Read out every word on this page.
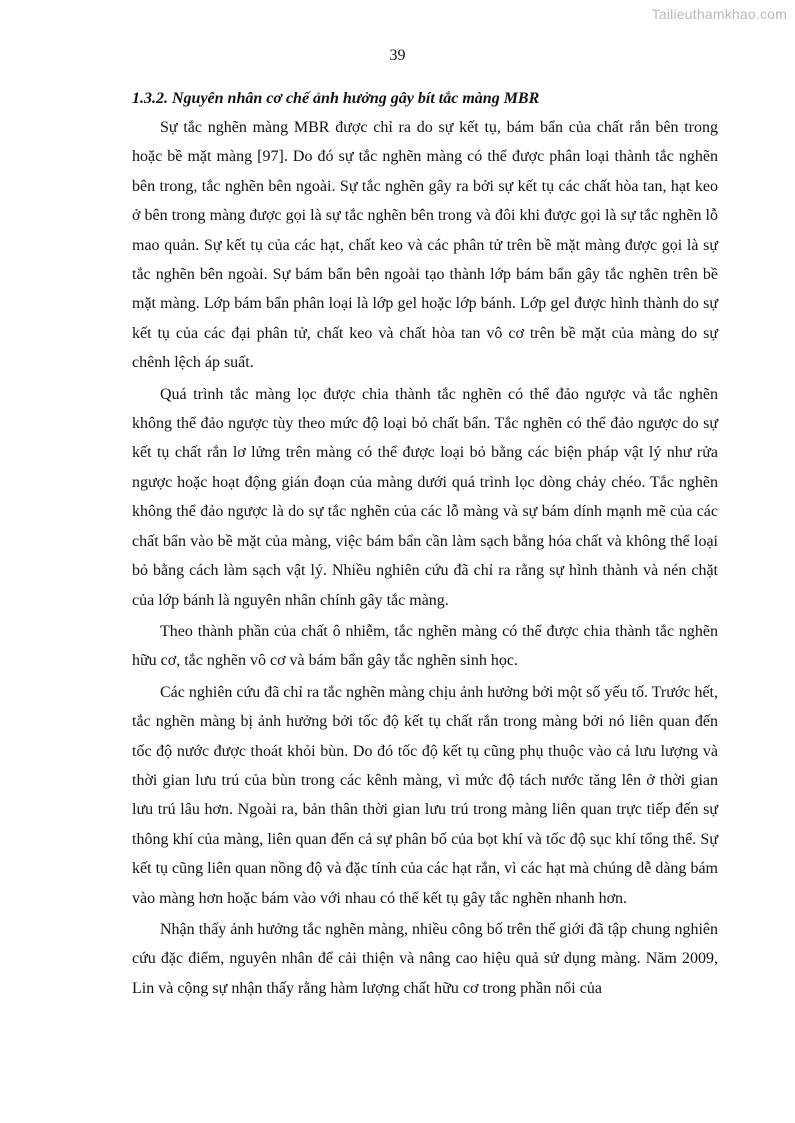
Tailieuthamkhao.com
39
1.3.2. Nguyên nhân cơ chế ảnh hưởng gây bít tắc màng MBR

Sự tắc nghẽn màng MBR được chỉ ra do sự kết tụ, bám bẩn của chất rắn bên trong hoặc bề mặt màng [97]. Do đó sự tắc nghẽn màng có thể được phân loại thành tắc nghẽn bên trong, tắc nghẽn bên ngoài. Sự tắc nghẽn gây ra bởi sự kết tụ các chất hòa tan, hạt keo ở bên trong màng được gọi là sự tắc nghẽn bên trong và đôi khi được gọi là sự tắc nghẽn lỗ mao quản. Sự kết tụ của các hạt, chất keo và các phân tử trên bề mặt màng được gọi là sự tắc nghẽn bên ngoài. Sự bám bẩn bên ngoài tạo thành lớp bám bẩn gây tắc nghẽn trên bề mặt màng. Lớp bám bẩn phân loại là lớp gel hoặc lớp bánh. Lớp gel được hình thành do sự kết tụ của các đại phân tử, chất keo và chất hòa tan vô cơ trên bề mặt của màng do sự chênh lệch áp suất.

Quá trình tắc màng lọc được chia thành tắc nghẽn có thể đảo ngược và tắc nghẽn không thể đảo ngược tùy theo mức độ loại bỏ chất bẩn. Tắc nghẽn có thể đảo ngược do sự kết tụ chất rắn lơ lửng trên màng có thể được loại bỏ bằng các biện pháp vật lý như rửa ngược hoặc hoạt động gián đoạn của màng dưới quá trình lọc dòng chảy chéo. Tắc nghẽn không thể đảo ngược là do sự tắc nghẽn của các lỗ màng và sự bám dính mạnh mẽ của các chất bẩn vào bề mặt của màng, việc bám bẩn cần làm sạch bằng hóa chất và không thể loại bỏ bằng cách làm sạch vật lý. Nhiều nghiên cứu đã chỉ ra rằng sự hình thành và nén chặt của lớp bánh là nguyên nhân chính gây tắc màng.

Theo thành phần của chất ô nhiễm, tắc nghẽn màng có thể được chia thành tắc nghẽn hữu cơ, tắc nghẽn vô cơ và bám bẩn gây tắc nghẽn sinh học.

Các nghiên cứu đã chỉ ra tắc nghẽn màng chịu ảnh hưởng bởi một số yếu tố. Trước hết, tắc nghẽn màng bị ảnh hưởng bởi tốc độ kết tụ chất rắn trong màng bởi nó liên quan đến tốc độ nước được thoát khỏi bùn. Do đó tốc độ kết tụ cũng phụ thuộc vào cả lưu lượng và thời gian lưu trú của bùn trong các kênh màng, vì mức độ tách nước tăng lên ở thời gian lưu trú lâu hơn. Ngoài ra, bản thân thời gian lưu trú trong màng liên quan trực tiếp đến sự thông khí của màng, liên quan đến cả sự phân bố của bọt khí và tốc độ sục khí tổng thể. Sự kết tụ cũng liên quan nồng độ và đặc tính của các hạt rắn, vì các hạt mà chúng dễ dàng bám vào màng hơn hoặc bám vào với nhau có thể kết tụ gây tắc nghẽn nhanh hơn.

Nhận thấy ảnh hưởng tắc nghẽn màng, nhiều công bố trên thế giới đã tập chung nghiên cứu đặc điểm, nguyên nhân để cải thiện và nâng cao hiệu quả sử dụng màng. Năm 2009, Lin và cộng sự nhận thấy rằng hàm lượng chất hữu cơ trong phần nổi của
